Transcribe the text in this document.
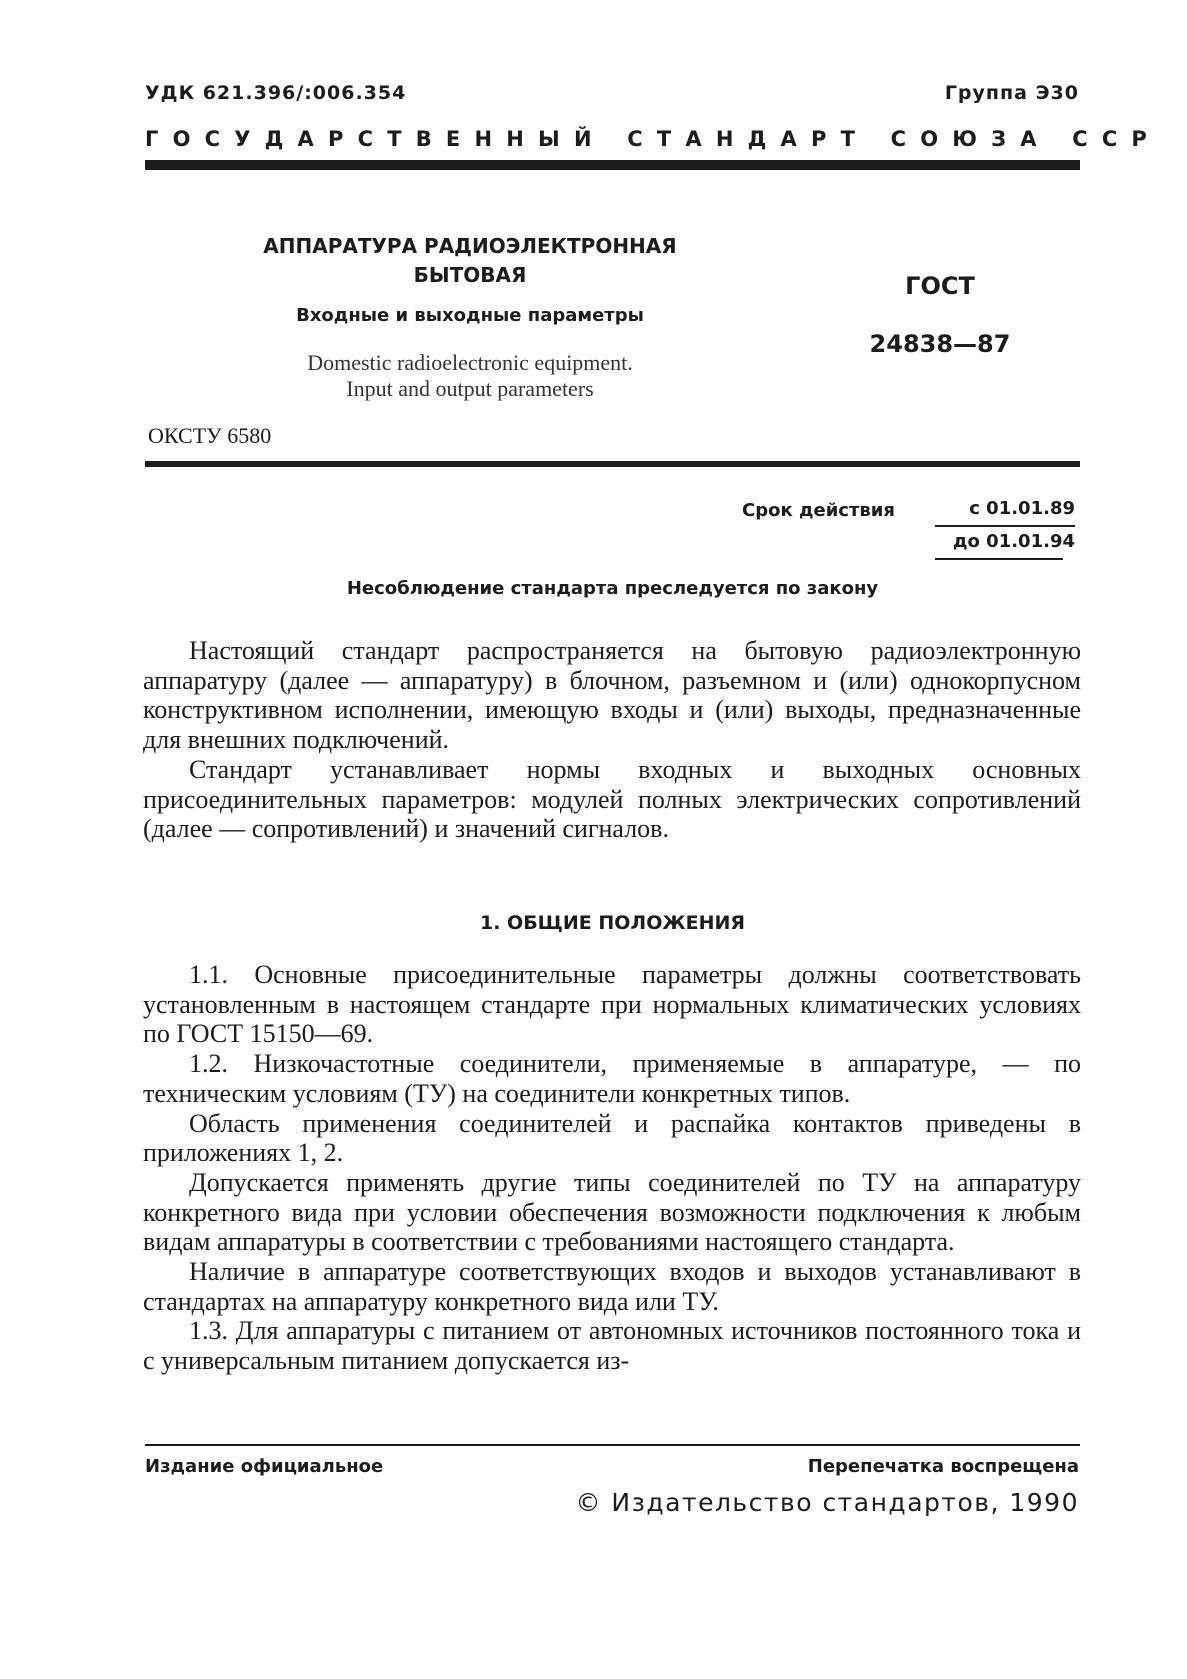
УДК 621.396/:006.354	Группа Э30
ГОСУДАРСТВЕННЫЙ СТАНДАРТ СОЮЗА ССР
АППАРАТУРА РАДИОЭЛЕКТРОННАЯ
БЫТОВАЯ
Входные и выходные параметры
Domestic radioelectronic equipment.
Input and output parameters
ГОСТ
24838—87
ОКСТУ 6580
Срок действия	с 01.01.89
до 01.01.94
Несоблюдение стандарта преследуется по закону

Настоящий стандарт распространяется на бытовую радиоэлектронную аппаратуру (далее — аппаратуру) в блочном, разъемном и (или) однокорпусном конструктивном исполнении, имеющую входы и (или) выходы, предназначенные для внешних подключений.

Стандарт устанавливает нормы входных и выходных основных присоединительных параметров: модулей полных электрических сопротивлений (далее — сопротивлений) и значений сигналов.

1. ОБЩИЕ ПОЛОЖЕНИЯ

1.1. Основные присоединительные параметры должны соответствовать установленным в настоящем стандарте при нормальных климатических условиях по ГОСТ 15150—69.

1.2. Низкочастотные соединители, применяемые в аппаратуре, — по техническим условиям (ТУ) на соединители конкретных типов.

Область применения соединителей и распайка контактов приведены в приложениях 1, 2.

Допускается применять другие типы соединителей по ТУ на аппаратуру конкретного вида при условии обеспечения возможности подключения к любым видам аппаратуры в соответствии с требованиями настоящего стандарта.

Наличие в аппаратуре соответствующих входов и выходов устанавливают в стандартах на аппаратуру конкретного вида или ТУ.

1.3. Для аппаратуры с питанием от автономных источников постоянного тока и с универсальным питанием допускается из-

Издание официальное	Перепечатка воспрещена
© Издательство стандартов, 1990
